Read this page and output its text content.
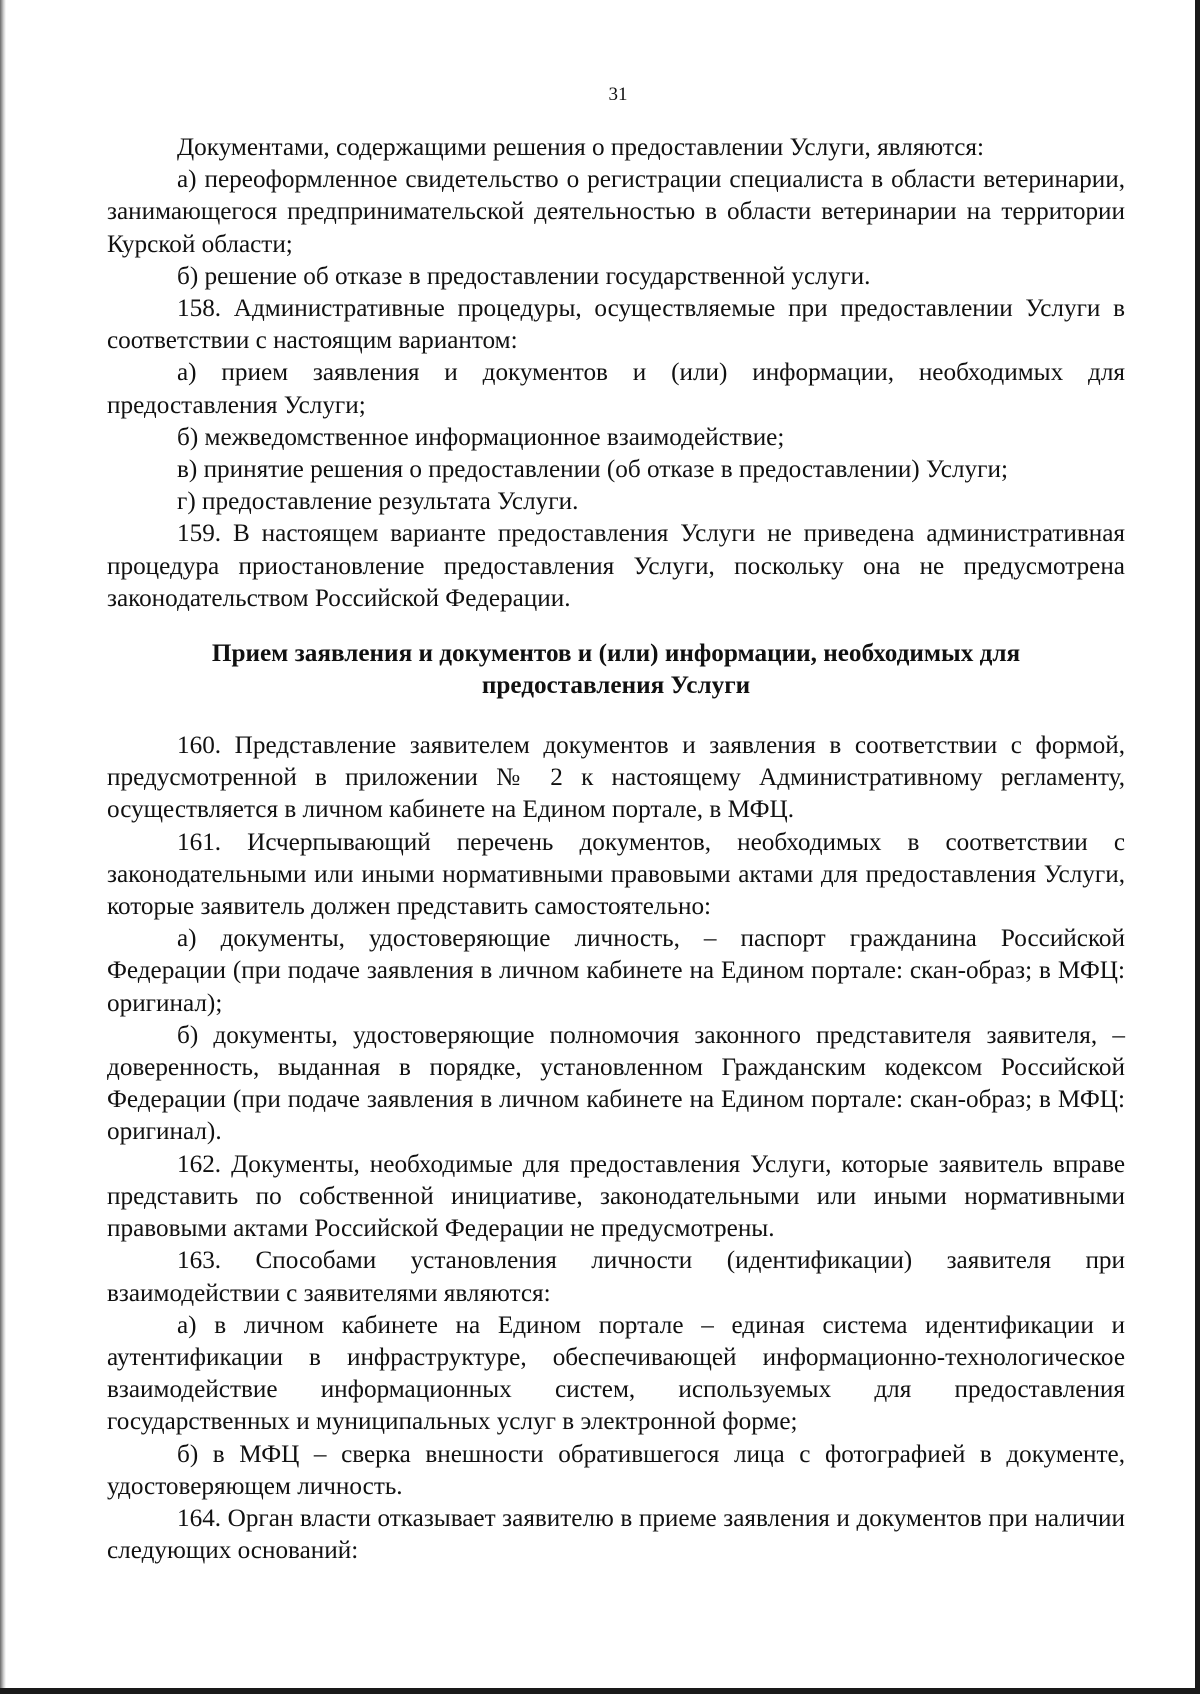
31

Документами, содержащими решения о предоставлении Услуги, являются:

а) переоформленное свидетельство о регистрации специалиста в области ветеринарии, занимающегося предпринимательской деятельностью в области ветеринарии на территории Курской области;

б) решение об отказе в предоставлении государственной услуги.

158. Административные процедуры, осуществляемые при предоставлении Услуги в соответствии с настоящим вариантом:

а) прием заявления и документов и (или) информации, необходимых для предоставления Услуги;

б) межведомственное информационное взаимодействие;

в) принятие решения о предоставлении (об отказе в предоставлении) Услуги;

г) предоставление результата Услуги.

159. В настоящем варианте предоставления Услуги не приведена административная процедура приостановление предоставления Услуги, поскольку она не предусмотрена законодательством Российской Федерации.

Прием заявления и документов и (или) информации, необходимых для предоставления Услуги

160. Представление заявителем документов и заявления в соответствии с формой, предусмотренной в приложении № 2 к настоящему Административному регламенту, осуществляется в личном кабинете на Едином портале, в МФЦ.

161. Исчерпывающий перечень документов, необходимых в соответствии с законодательными или иными нормативными правовыми актами для предоставления Услуги, которые заявитель должен представить самостоятельно:

а) документы, удостоверяющие личность, – паспорт гражданина Российской Федерации (при подаче заявления в личном кабинете на Едином портале: скан-образ; в МФЦ: оригинал);

б) документы, удостоверяющие полномочия законного представителя заявителя, – доверенность, выданная в порядке, установленном Гражданским кодексом Российской Федерации (при подаче заявления в личном кабинете на Едином портале: скан-образ; в МФЦ: оригинал).

162. Документы, необходимые для предоставления Услуги, которые заявитель вправе представить по собственной инициативе, законодательными или иными нормативными правовыми актами Российской Федерации не предусмотрены.

163. Способами установления личности (идентификации) заявителя при взаимодействии с заявителями являются:

а) в личном кабинете на Едином портале – единая система идентификации и аутентификации в инфраструктуре, обеспечивающей информационно-технологическое взаимодействие информационных систем, используемых для предоставления государственных и муниципальных услуг в электронной форме;

б) в МФЦ – сверка внешности обратившегося лица с фотографией в документе, удостоверяющем личность.

164. Орган власти отказывает заявителю в приеме заявления и документов при наличии следующих оснований:
